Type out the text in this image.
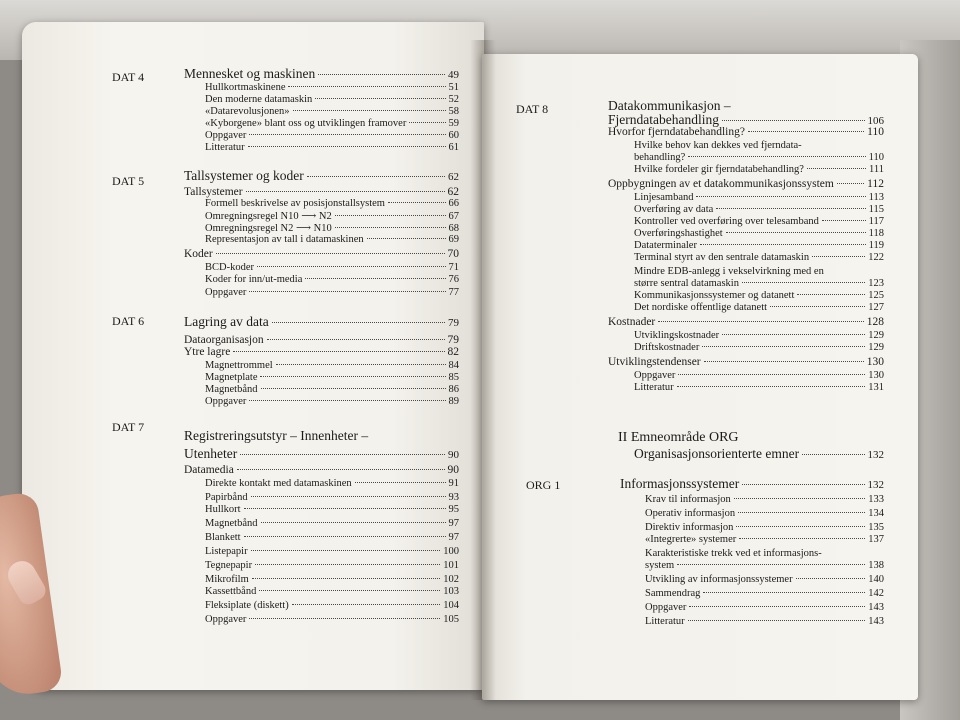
DAT 4	Mennesket og maskinen	49
Hullkortmaskinene	51
Den moderne datamaskin	52
«Datarevolusjonen»	58
«Kyborgene» blant oss og utviklingen framover	59
Oppgaver	60
Litteratur	61
DAT 5	Tallsystemer og koder	62
Tallsystemer	62
Formell beskrivelse av posisjonstallsystem	66
Omregningsregel N10 ⟶ N2	67
Omregningsregel N2 ⟶ N10	68
Representasjon av tall i datamaskinen	69
Koder	70
BCD-koder	71
Koder for inn/ut-media	76
Oppgaver	77
DAT 6	Lagring av data	79
Dataorganisasjon	79
Ytre lagre	82
Magnettrommel	84
Magnetplate	85
Magnetbånd	86
Oppgaver	89
DAT 7
Registreringsutstyr – Innenheter –
Utenheter	90
Datamedia	90
Direkte kontakt med datamaskinen	91
Papirbånd	93
Hullkort	95
Magnetbånd	97
Blankett	97
Listepapir	100
Tegnepapir	101
Mikrofilm	102
Kassettbånd	103
Fleksiplate (diskett)	104
Oppgaver	105
DAT 8	Datakommunikasjon –
Fjerndatabehandling	106
Hvorfor fjerndatabehandling?	110
Hvilke behov kan dekkes ved fjerndata-
behandling?	110
Hvilke fordeler gir fjerndatabehandling?	111
Oppbygningen av et datakommunikasjonssystem	112
Linjesamband	113
Overføring av data	115
Kontroller ved overføring over telesamband	117
Overføringshastighet	118
Dataterminaler	119
Terminal styrt av den sentrale datamaskin	122
Mindre EDB-anlegg i vekselvirkning med en
større sentral datamaskin	123
Kommunikasjonssystemer og datanett	125
Det nordiske offentlige datanett	127
Kostnader	128
Utviklingskostnader	129
Driftskostnader	129
Utviklingstendenser	130
Oppgaver	130
Litteratur	131
II Emneområde ORG
Organisasjonsorienterte emner	132
ORG 1	Informasjonssystemer	132
Krav til informasjon	133
Operativ informasjon	134
Direktiv informasjon	135
«Integrerte» systemer	137
Karakteristiske trekk ved et informasjons-
system	138
Utvikling av informasjonssystemer	140
Sammendrag	142
Oppgaver	143
Litteratur	143
